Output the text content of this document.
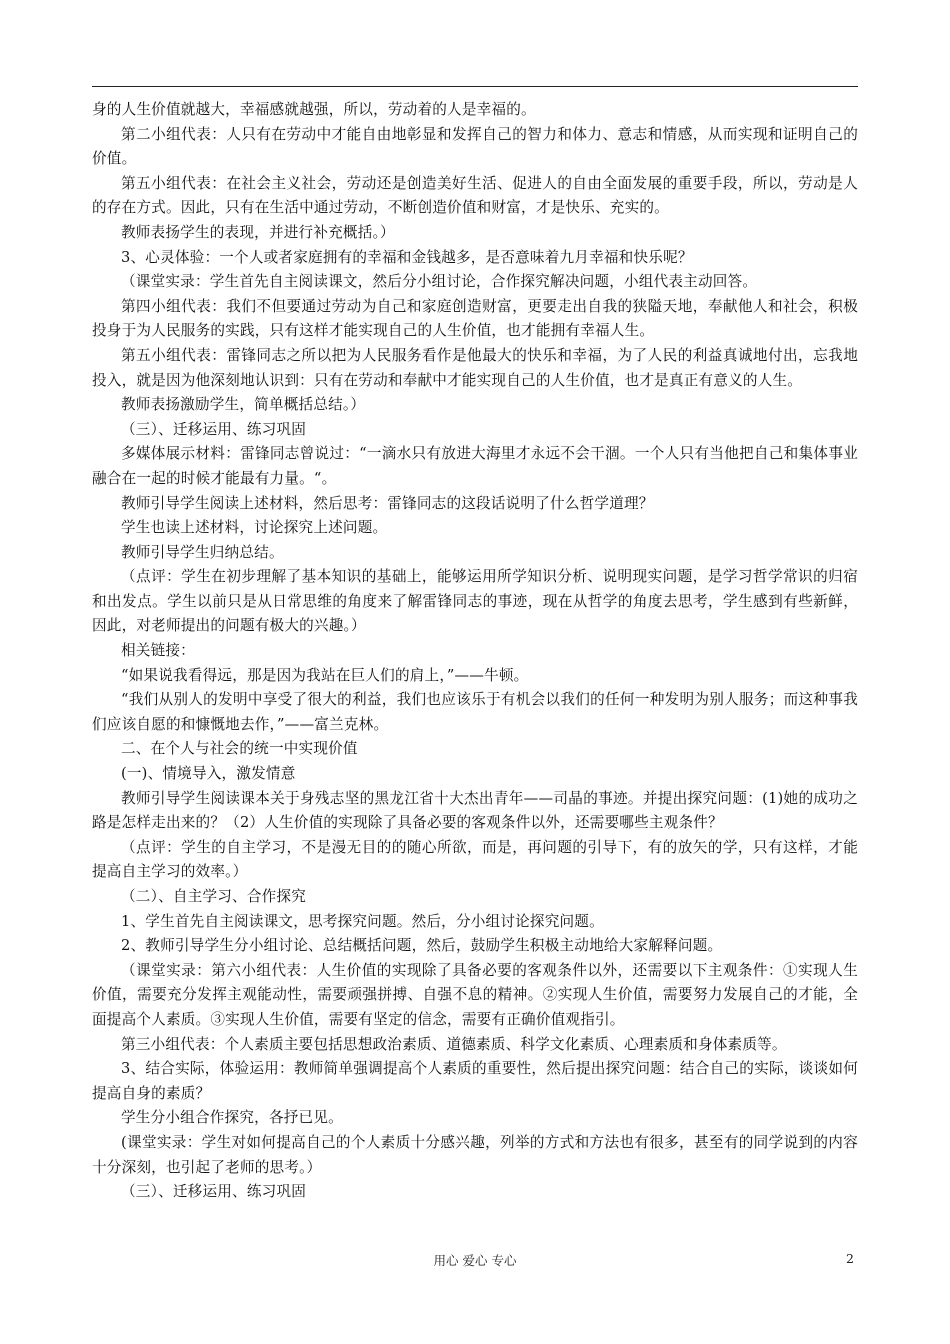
身的人生价值就越大，幸福感就越强，所以，劳动着的人是幸福的。

第二小组代表：人只有在劳动中才能自由地彰显和发挥自己的智力和体力、意志和情感，从而实现和证明自己的价值。

第五小组代表：在社会主义社会，劳动还是创造美好生活、促进人的自由全面发展的重要手段，所以，劳动是人的存在方式。因此，只有在生活中通过劳动，不断创造价值和财富，才是快乐、充实的。

教师表扬学生的表现，并进行补充概括。）

3、心灵体验：一个人或者家庭拥有的幸福和金钱越多，是否意味着九月幸福和快乐呢？

（课堂实录：学生首先自主阅读课文，然后分小组讨论，合作探究解决问题，小组代表主动回答。

第四小组代表：我们不但要通过劳动为自己和家庭创造财富，更要走出自我的狭隘天地，奉献他人和社会，积极投身于为人民服务的实践，只有这样才能实现自己的人生价值，也才能拥有幸福人生。

第五小组代表：雷锋同志之所以把为人民服务看作是他最大的快乐和幸福，为了人民的利益真诚地付出，忘我地投入，就是因为他深刻地认识到：只有在劳动和奉献中才能实现自己的人生价值，也才是真正有意义的人生。

教师表扬激励学生，简单概括总结。）

（三）、迁移运用、练习巩固

多媒体展示材料：雷锋同志曾说过：“一滴水只有放进大海里才永远不会干涸。一个人只有当他把自己和集体事业融合在一起的时候才能最有力量。“。

教师引导学生阅读上述材料，然后思考：雷锋同志的这段话说明了什么哲学道理？

学生也读上述材料，讨论探究上述问题。

教师引导学生归纳总结。

（点评：学生在初步理解了基本知识的基础上，能够运用所学知识分析、说明现实问题，是学习哲学常识的归宿和出发点。学生以前只是从日常思维的角度来了解雷锋同志的事迹，现在从哲学的角度去思考，学生感到有些新鲜，因此，对老师提出的问题有极大的兴趣。）

相关链接：

“如果说我看得远，那是因为我站在巨人们的肩上，”——牛顿。

“我们从别人的发明中享受了很大的利益，我们也应该乐于有机会以我们的任何一种发明为别人服务；而这种事我们应该自愿的和慷慨地去作，”——富兰克林。

二、在个人与社会的统一中实现价值

(一)、情境导入，激发情意

教师引导学生阅读课本关于身残志坚的黑龙江省十大杰出青年——司晶的事迹。并提出探究问题：(1)她的成功之路是怎样走出来的？（2）人生价值的实现除了具备必要的客观条件以外，还需要哪些主观条件？

（点评：学生的自主学习，不是漫无目的的随心所欲，而是，再问题的引导下，有的放矢的学，只有这样，才能提高自主学习的效率。）

（二）、自主学习、合作探究

1、学生首先自主阅读课文，思考探究问题。然后，分小组讨论探究问题。

2、教师引导学生分小组讨论、总结概括问题，然后，鼓励学生积极主动地给大家解释问题。

（课堂实录：第六小组代表：人生价值的实现除了具备必要的客观条件以外，还需要以下主观条件：①实现人生价值，需要充分发挥主观能动性，需要顽强拼搏、自强不息的精神。②实现人生价值，需要努力发展自己的才能，全面提高个人素质。③实现人生价值，需要有坚定的信念，需要有正确价值观指引。

第三小组代表：个人素质主要包括思想政治素质、道德素质、科学文化素质、心理素质和身体素质等。

3、结合实际，体验运用：教师简单强调提高个人素质的重要性，然后提出探究问题：结合自己的实际，谈谈如何提高自身的素质？

学生分小组合作探究，各抒已见。

(课堂实录：学生对如何提高自己的个人素质十分感兴趣，列举的方式和方法也有很多，甚至有的同学说到的内容十分深刻，也引起了老师的思考。）

（三）、迁移运用、练习巩固

用心 爱心 专心	2
